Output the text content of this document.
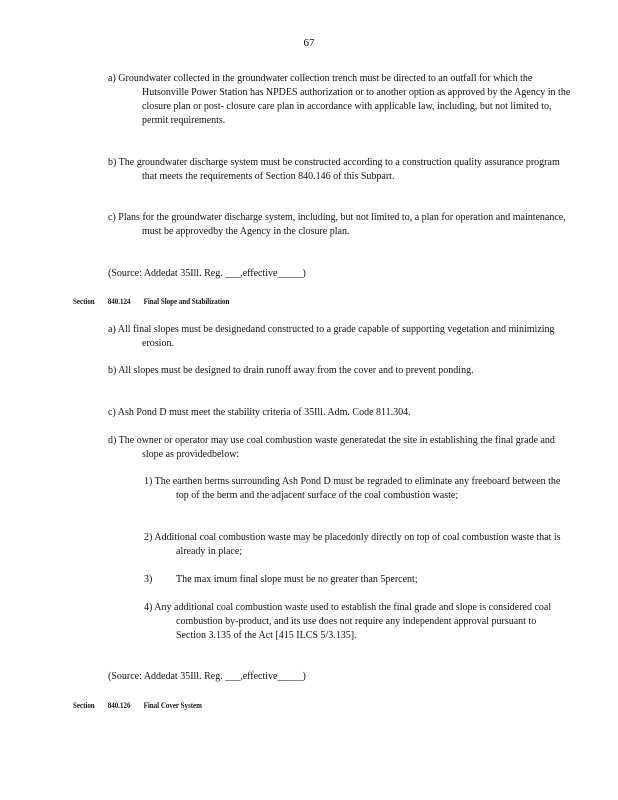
67
a) Groundwater collected in the groundwater collection trench must be directed to an outfall for which the Hutsonville Power Station has NPDES authorization or to another option as approved by the Agency in the closure plan or post- closure care plan in accordance with applicable law, including, but not limited to, permit requirements.
b) The groundwater discharge system must be constructed according to a construction quality assurance program that meets the requirements of Section 840.146 of this Subpart.
c) Plans for the groundwater discharge system, including, but not limited to, a plan for operation and maintenance, must be approvedby the Agency in the closure plan.
(Source: Addedat 35Ill. Reg. ___,effective_____)
Section 840.124 Final Slope and Stabilization
a) All final slopes must be designedand constructed to a grade capable of supporting vegetation and minimizing erosion.
b) All slopes must be designed to drain runoff away from the cover and to prevent ponding.
c) Ash Pond D must meet the stability criteria of 35Ill. Adm. Code 811.304.
d) The owner or operator may use coal combustion waste generatedat the site in establishing the final grade and slope as providedbelow:
1) The earthen berms surrounding Ash Pond D must be regraded to eliminate any freeboard between the top of the berm and the adjacent surface of the coal combustion waste;
2) Additional coal combustion waste may be placedonly directly on top of coal combustion waste that is already in place;
3) The max imum final slope must be no greater than 5percent;
4) Any additional coal combustion waste used to establish the final grade and slope is considered coal combustion by-product, and its use does not require any independent approval pursuant to Section 3.135 of the Act [415 ILCS 5/3.135].
(Source: Addedat 35Ill. Reg. ___,effective_____)
Section 840.126 Final Cover System
